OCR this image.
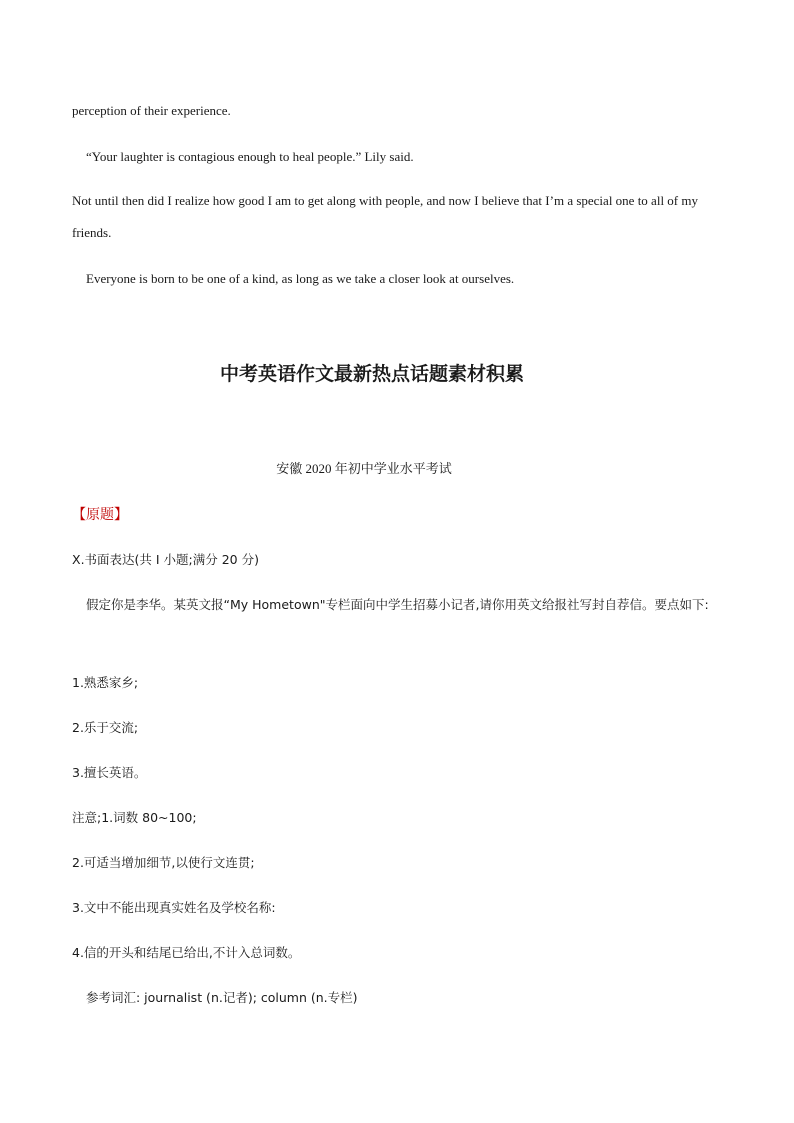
perception of their experience.
“Your laughter is contagious enough to heal people.” Lily said.
Not until then did I realize how good I am to get along with people, and now I believe that I’m a special one to all of my friends.
Everyone is born to be one of a kind, as long as we take a closer look at ourselves.
中考英语作文最新热点话题素材积累
安徽 2020 年初中学业水平考试
【原题】
X.书面表达(共 I 小题;满分 20 分)
假定你是李华。某英文报“My Hometown"专栏面向中学生招募小记者,请你用英文给报社写封自荐信。要点如下:
1.熟悉家乡;
2.乐于交流;
3.擅长英语。
注意;1.词数 80~100;
2.可适当增加细节,以使行文连贯;
3.文中不能出现真实姓名及学校名称:
4.信的开头和结尾已给出,不计入总词数。
参考词汇: journalist (n.记者); column (n.专栏)
